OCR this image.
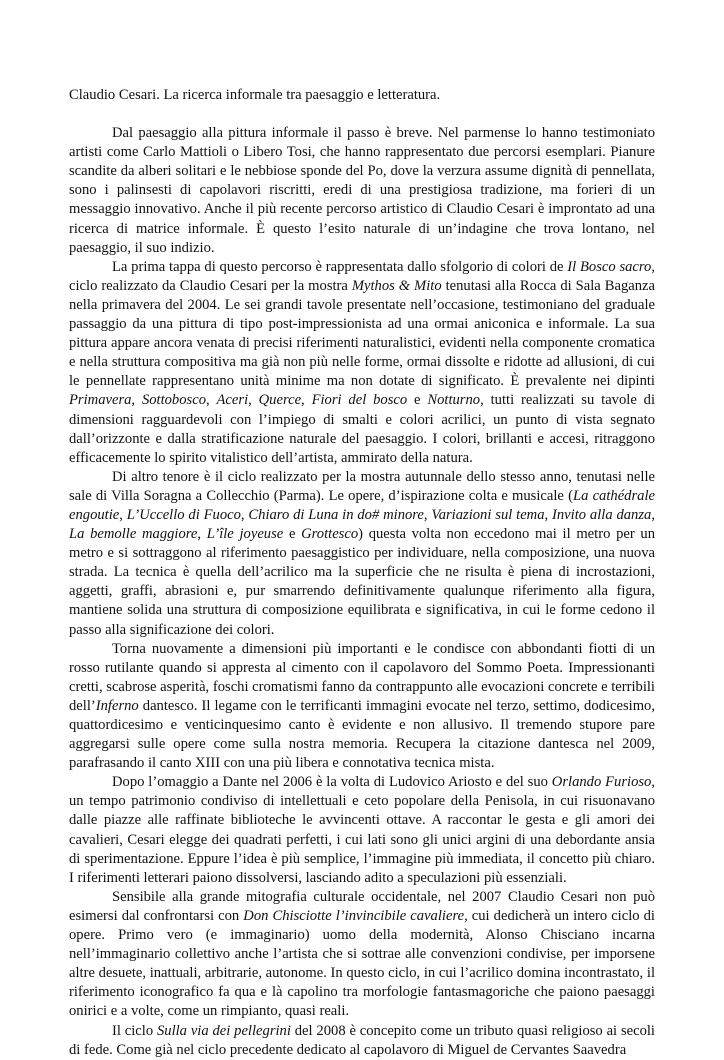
Claudio Cesari. La ricerca informale tra paesaggio e letteratura.

Dal paesaggio alla pittura informale il passo è breve. Nel parmense lo hanno testimoniato artisti come Carlo Mattioli o Libero Tosi, che hanno rappresentato due percorsi esemplari. Pianure scandite da alberi solitari e le nebbiose sponde del Po, dove la verzura assume dignità di pennellata, sono i palinsesti di capolavori riscritti, eredi di una prestigiosa tradizione, ma forieri di un messaggio innovativo. Anche il più recente percorso artistico di Claudio Cesari è improntato ad una ricerca di matrice informale. È questo l’esito naturale di un’indagine che trova lontano, nel paesaggio, il suo indizio.

La prima tappa di questo percorso è rappresentata dallo sfolgorio di colori de Il Bosco sacro, ciclo realizzato da Claudio Cesari per la mostra Mythos & Mito tenutasi alla Rocca di Sala Baganza nella primavera del 2004. Le sei grandi tavole presentate nell’occasione, testimoniano del graduale passaggio da una pittura di tipo post-impressionista ad una ormai aniconica e informale. La sua pittura appare ancora venata di precisi riferimenti naturalistici, evidenti nella componente cromatica e nella struttura compositiva ma già non più nelle forme, ormai dissolte e ridotte ad allusioni, di cui le pennellate rappresentano unità minime ma non dotate di significato. È prevalente nei dipinti Primavera, Sottobosco, Aceri, Querce, Fiori del bosco e Notturno, tutti realizzati su tavole di dimensioni ragguardevoli con l’impiego di smalti e colori acrilici, un punto di vista segnato dall’orizzonte e dalla stratificazione naturale del paesaggio. I colori, brillanti e accesi, ritraggono efficacemente lo spirito vitalistico dell’artista, ammirato della natura.

Di altro tenore è il ciclo realizzato per la mostra autunnale dello stesso anno, tenutasi nelle sale di Villa Soragna a Collecchio (Parma). Le opere, d’ispirazione colta e musicale (La cathédrale engoutie, L’Uccello di Fuoco, Chiaro di Luna in do# minore, Variazioni sul tema, Invito alla danza, La bemolle maggiore, L’île joyeuse e Grottesco) questa volta non eccedono mai il metro per un metro e si sottraggono al riferimento paesaggistico per individuare, nella composizione, una nuova strada. La tecnica è quella dell’acrilico ma la superficie che ne risulta è piena di incrostazioni, aggetti, graffi, abrasioni e, pur smarrendo definitivamente qualunque riferimento alla figura, mantiene solida una struttura di composizione equilibrata e significativa, in cui le forme cedono il passo alla significazione dei colori.

Torna nuovamente a dimensioni più importanti e le condisce con abbondanti fiotti di un rosso rutilante quando si appresta al cimento con il capolavoro del Sommo Poeta. Impressionanti cretti, scabrose asperità, foschi cromatismi fanno da contrappunto alle evocazioni concrete e terribili dell’Inferno dantesco. Il legame con le terrificanti immagini evocate nel terzo, settimo, dodicesimo, quattordicesimo e venticinquesimo canto è evidente e non allusivo. Il tremendo stupore pare aggregarsi sulle opere come sulla nostra memoria. Recupera la citazione dantesca nel 2009, parafrasando il canto XIII con una più libera e connotativa tecnica mista.

Dopo l’omaggio a Dante nel 2006 è la volta di Ludovico Ariosto e del suo Orlando Furioso, un tempo patrimonio condiviso di intellettuali e ceto popolare della Penisola, in cui risuonavano dalle piazze alle raffinate biblioteche le avvincenti ottave. A raccontar le gesta e gli amori dei cavalieri, Cesari elegge dei quadrati perfetti, i cui lati sono gli unici argini di una debordante ansia di sperimentazione. Eppure l’idea è più semplice, l’immagine più immediata, il concetto più chiaro. I riferimenti letterari paiono dissolversi, lasciando adito a speculazioni più essenziali.

Sensibile alla grande mitografia culturale occidentale, nel 2007 Claudio Cesari non può esimersi dal confrontarsi con Don Chisciotte l’invincibile cavaliere, cui dedicherà un intero ciclo di opere. Primo vero (e immaginario) uomo della modernità, Alonso Chisciano incarna nell’immaginario collettivo anche l’artista che si sottrae alle convenzioni condivise, per imporsene altre desuete, inattuali, arbitrarie, autonome. In questo ciclo, in cui l’acrilico domina incontrastato, il riferimento iconografico fa qua e là capolino tra morfologie fantasmagoriche che paiono paesaggi onirici e a volte, come un rimpianto, quasi reali.

Il ciclo Sulla via dei pellegrini del 2008 è concepito come un tributo quasi religioso ai secoli di fede. Come già nel ciclo precedente dedicato al capolavoro di Miguel de Cervantes Saavedra
